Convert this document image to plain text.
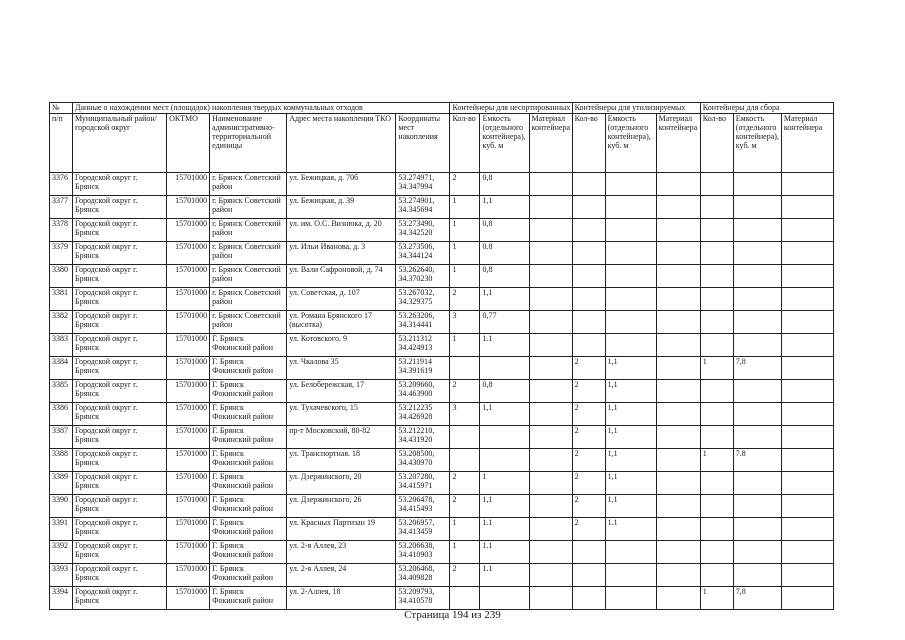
№	Данные о нахождении мест (площадок) накопления твердых коммунальных отходов					Контейнеры для несортированных			Контейнеры для утилизируемых			Контейнеры для сбора		
п/п	Муниципальный район/городской округ	ОКТМО	Наименование административно-территориальной единицы	Адрес места накопления ТКО	Координаты мест накопления	Кол-во	Емкость (отдельного контейнера), куб. м	Материал контейнера	Кол-во	Емкость (отдельного контейнера), куб. м	Материал контейнера	Кол-во	Емкость (отдельного контейнера), куб. м	Материал контейнера

3376	Городской округ г.
Брянск	15701000	г. Брянск Советский
район	ул. Бежицкая, д. 70б	53.274971,
34.347994	2	0,8							

3377	Городской округ г.
Брянск	15701000	г. Брянск Советский
район	ул. Бежицкая, д. 39	53.274901,
34.345694	1	1,1							

3378	Городской округ г.
Брянск	15701000	г. Брянск Советский
район	ул. им. О.С. Визнюка, д. 20	53.273490,
34.342520	1	0,8							

3379	Городской округ г.
Брянск	15701000	г. Брянск Советский
район	ул. Ильи Иванова, д. 3	53.273506,
34.344124	1	0.8							

3380	Городской округ г.
Брянск	15701000	г. Брянск Советский
район	ул. Вали Сафроновой, д. 74	53.262640,
34.370230	1	0,8							

3381	Городской округ г.
Брянск	15701000	г. Брянск Советский
район	ул. Советская, д. 107	53.267032,
34.329375	2	1,1							

3382	Городской округ г.
Брянск	15701000	г. Брянск Советский
район	ул. Романа Брянского 17
(высотка)	53.263206,
34.314441	3	0,77							

3383	Городской округ г.
Брянск	15701000	Г. Брянск
Фокинский район	ул. Котовского. 9	53.211312
34.424913	1	1.1							

3384	Городской округ г.
Брянск	15701000	Г. Брянск
Фокинский район	ул. Чкалова 35	53.211914
34.391619				2	1,1		1	7,8	

3385	Городской округ г.
Брянск	15701000	Г. Брянск
Фокинский район	ул. Белобережская, 17	53.209660,
34.463900	2	0,8		2	1,1				

3386	Городской округ г.
Брянск	15701000	Г. Брянск
Фокинский район	ул. Тухачевского, 15	53.212235
34.426928	3	1,1		2	1,1				

3387	Городской округ г.
Брянск	15701000	Г. Брянск
Фокинский район	пр-т Московский, 80-82	53.212210,
34.431920				2	1,1				

3388	Городской округ г.
Брянск	15701000	Г. Брянск
Фокинский район	ул. Транспортная. 18	53.208500,
34.430970				2	1,1		1	7.8	

3389	Городской округ г.
Брянск	15701000	Г. Брянск
Фокинский район	ул. Дзержинского, 20	53.207280,
34.415971	2	1		2	1,1				

3390	Городской округ г.
Брянск	15701000	Г. Брянск
Фокинский район	ул. Дзержинского, 26	53.206478,
34.415493	2	1,1		2	1,1				

3391	Городской округ г.
Брянск	15701000	Г. Брянск
Фокинский район	ул. Красных Партизан 19	53.206957,
34.413459	1	1.1		2	1.1				

3392	Городской округ г.
Брянск	15701000	Г. Брянск
Фокинский район	ул. 2-я Аллея, 23	53.206638,
34.410903	1	1.1							

3393	Городской округ г.
Брянск	15701000	Г. Брянск
Фокинский район	ул. 2-я Аллея, 24	53.206468,
34.409828	2	1.1							

3394	Городской округ г.
Брянск	15701000	Г. Брянск
Фокинский район	ул. 2-Аллея, 18	53.209793,
34.410578							1	7,8	

Страница 194 из 239
